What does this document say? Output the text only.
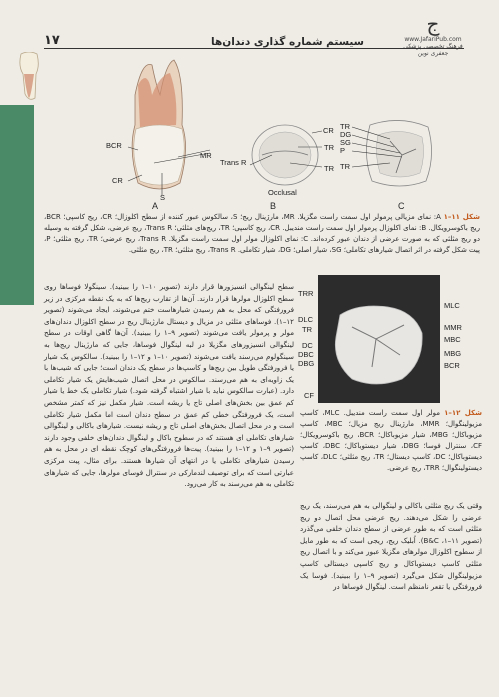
ج
www.JafariPub.com
فرهنگ تخصصی پزشکی جعفری نوین
سیستم شماره گذاری دندان‌ها
۱۷
BCR
CR
MR
S
A
CR
TR
Trans R
TR
Occlusal
B
TR
DG
SG
P
TR
C
شکل ۱۱–۱ A: نمای مزیالی پرمولر اول سمت راست مگزیلا. MR، مارژینال ریج؛ S، سالکوس عبور کننده از سطح اکلوزال؛ CR، ریج کاسپی؛ BCR، ریج باکوسرویکال. B: نمای اکلوزال پرمولر اول سمت راست مندیبل. CR، ریج کاسپی؛ TR، ریج‌های مثلثی؛ Trans R، ریج عرضی، شکل گرفته به وسیله دو ریج مثلثی که به صورت عرضی از دندان عبور کرده‌اند. C: نمای اکلوزال مولر اول سمت راست مگزیلا. Trans R، ریج عرضی؛ TR، ریج مثلثی؛ P، پیت شکل گرفته در اثر اتصال شیارهای تکاملی؛ SG، شیار اصلی؛ DG، شیار تکاملی. Trans R، ریج مثلثی؛ TR، ریج مثلثی.
سطح لینگوالی انسیزورها قرار دارند (تصویر ۱۰–۱ را ببینید). سینگولا فوساها روی سطح اکلوزال مولرها قرار دارند. آن‌ها از تقارب ریج‌ها که به یک نقطه مرکزی در زیر فرورفتگی که محل به هم رسیدن شیارهاست ختم می‌شوند، ایجاد می‌شوند (تصویر ۱۲–۱). فوساهای مثلثی در مزیال و دیستال مارژینال ریج در سطح اکلوزال دندان‌های مولر و پرمولر یافت می‌شوند (تصویر ۹–۱ را ببینید). آن‌ها گاهی اوقات در سطح لینگوالی انسیزورهای مگزیلا در لبه لینگوال فوساها، جایی که مارژینال ریج‌ها به سینگولوم می‌رسند یافت می‌شوند (تصویر ۱۰–۱ و ۱۲–۱ را ببینید). سالکوس یک شیار یا فرورفتگی طویل بین ریج‌ها و کاسپ‌ها در سطح یک دندان است؛ جایی که شیب‌ها با یک زاویه‌ای به هم می‌رسند. سالکوس در محل اتصال شیب‌هایش یک شیار تکاملی دارد. (عبارت سالکوس نباید با شیار اشتباه گرفته شود.) شیار تکاملی یک خط یا شیار کم عمق بین بخش‌های اصلی تاج یا ریشه است. شیار مکمل نیز که کمتر مشخص است، یک فرورفتگی خطی کم عمق در سطح دندان است اما مکمل شیار تکاملی است و در محل اتصال بخش‌های اصلی تاج و ریشه نیست. شیارهای باکالی و لینگوالی شیارهای تکاملی ای هستند که در سطوح باکال و لینگوال دندان‌های خلفی وجود دارند (تصویر ۹–۱ و ۱۲–۱ را ببینید). پیت‌ها فرورفتگی‌های کوچک نقطه ای در محل به هم رسیدن شیارهای تکاملی یا در انتهای آن شیارها هستند. برای مثال، پیت مرکزی عبارتی است که برای توصیف لندمارکی در سنترال فوسای مولرها، جایی که شیارهای تکاملی به هم می‌رسند به کار می‌رود.
TRR
DLC
TR
DC
DBC
DBG
CF
MLC
MMR
MBC
MBG
BCR
شکل ۱۲–۱ مولر اول سمت راست مندیبل. MLC، کاسپ مزیولینگوال؛ MMR، مارژینال ریج مزیال؛ MBC، کاسپ مزیوباکال؛ MBG، شیار مزیوباکال؛ BCR، ریج باکوسرویکال؛ CF، سنترال فوسا؛ DBG، شیار دیستوباکال؛ DBC، کاسپ دیستوباکال؛ DC، کاسپ دیستال؛ TR، ریج مثلثی؛ DLC، کاسپ دیستولینگوال؛ TRR، ریج عرضی.
وقتی یک ریج مثلثی باکالی و لینگوالی به هم می‌رسند، یک ریج عرضی را شکل می‌دهند. ریج عرضی محل اتصال دو ریج مثلثی است که به طور عرضی از سطح دندان خلفی می‌گذرد (تصویر ۱۱–۱، B&C). اُبلیک ریج، ریجی است که به طور مایل از سطوح اکلوزال مولرهای مگزیلا عبور می‌کند و با اتصال ریج مثلثی کاسپ دیستوباکال و ریج کاسپی دیستالی کاسپ مزیولینگوال شکل می‌گیرد (تصویر ۹–۱ را ببینید). فوسا یک فرورفتگی یا تقعر نامنظم است. لینگوال فوساها در
